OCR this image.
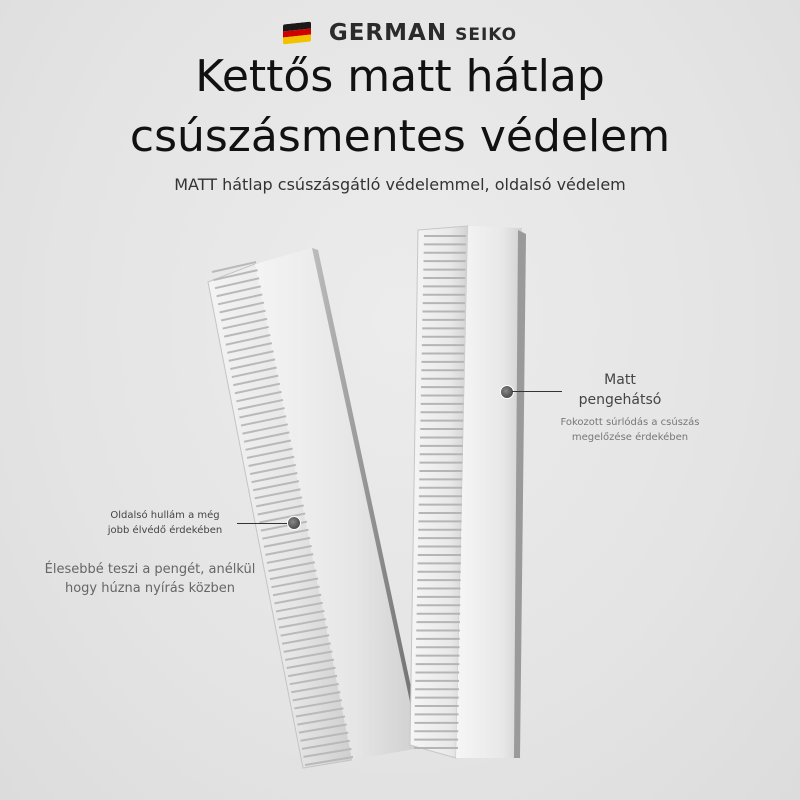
GERMAN SEIKO
Kettős matt hátlap
csúszásmentes védelem
MATT hátlap csúszásgátló védelemmel, oldalsó védelem
Oldalsó hullám a még
jobb élvédő érdekében
Élesebbé teszi a pengét, anélkül
hogy húzna nyírás közben
Matt
pengehátsó
Fokozott súrlódás a csúszás
megelőzése érdekében
